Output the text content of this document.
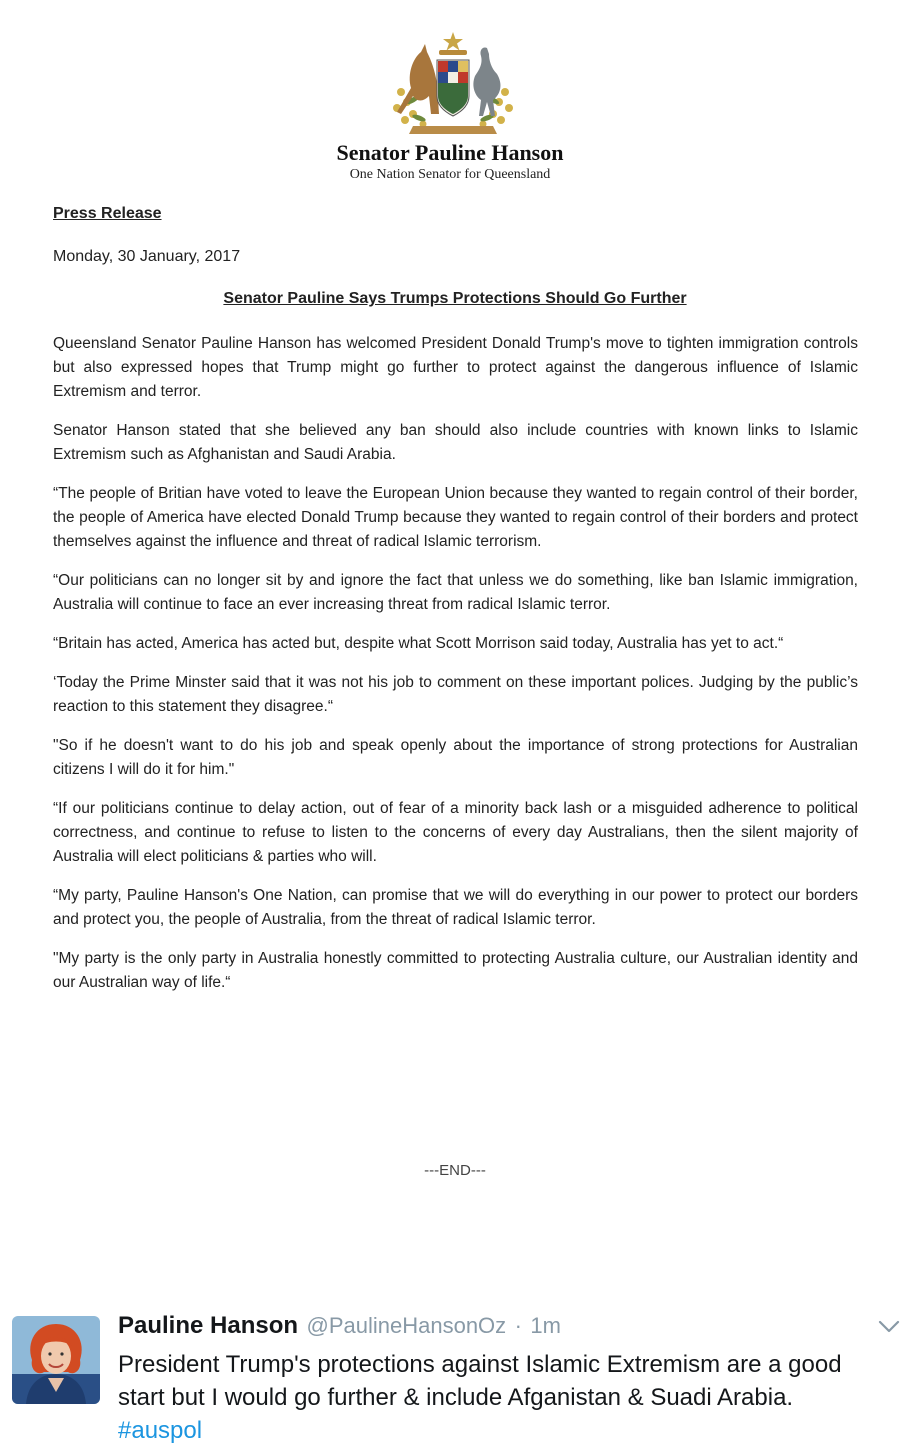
Senator Pauline Hanson
One Nation Senator for Queensland
Press Release
Monday, 30 January, 2017
Senator Pauline Says Trumps Protections Should Go Further

Queensland Senator Pauline Hanson has welcomed President Donald Trump's move to tighten immigration controls but also expressed hopes that Trump might go further to protect against the dangerous influence of Islamic Extremism and terror.

Senator Hanson stated that she believed any ban should also include countries with known links to Islamic Extremism such as Afghanistan and Saudi Arabia.

“The people of Britian have voted to leave the European Union because they wanted to regain control of their border, the people of America have elected Donald Trump because they wanted to regain control of their borders and protect themselves against the influence and threat of radical Islamic terrorism.

“Our politicians can no longer sit by and ignore the fact that unless we do something, like ban Islamic immigration, Australia will continue to face an ever increasing threat from radical Islamic terror.

“Britain has acted, America has acted but, despite what Scott Morrison said today, Australia has yet to act.“

‘Today the Prime Minster said that it was not his job to comment on these important polices. Judging by the public’s reaction to this statement they disagree.“

"So if he doesn't want to do his job and speak openly about the importance of strong protections for Australian citizens I will do it for him."

“If our politicians continue to delay action, out of fear of a minority back lash or a misguided adherence to political correctness, and continue to refuse to listen to the concerns of every day Australians, then the silent majority of Australia will elect politicians & parties who will.

“My party, Pauline Hanson's One Nation, can promise that we will do everything in our power to protect our borders and protect you, the people of Australia, from the threat of radical Islamic terror.

"My party is the only party in Australia honestly committed to protecting Australia culture, our Australian identity and our Australian way of life.“

---END---
Pauline Hanson @PaulineHansonOz · 1m
President Trump's protections against Islamic Extremism are a good start but I would go further & include Afganistan & Suadi Arabia. #auspol
